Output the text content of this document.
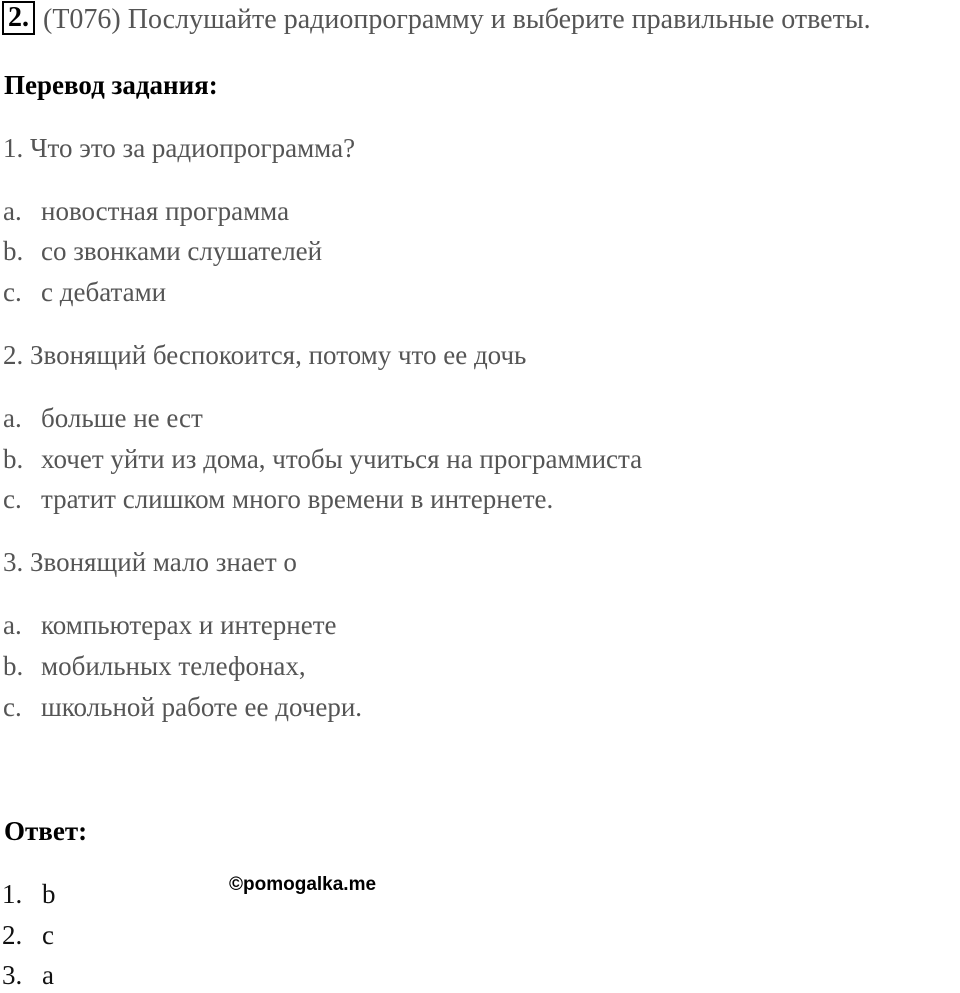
2. (T076) Послушайте радиопрограмму и выберите правильные ответы.
Перевод задания:
1. Что это за радиопрограмма?
a. новостная программа
b. со звонками слушателей
c. с дебатами
2. Звонящий беспокоится, потому что ее дочь
a. больше не ест
b. хочет уйти из дома, чтобы учиться на программиста
c. тратит слишком много времени в интернете.
3. Звонящий мало знает о
a. компьютерах и интернете
b. мобильных телефонах,
c. школьной работе ее дочери.
Ответ:
1. b
2. c
3. a
©pomogalka.me
